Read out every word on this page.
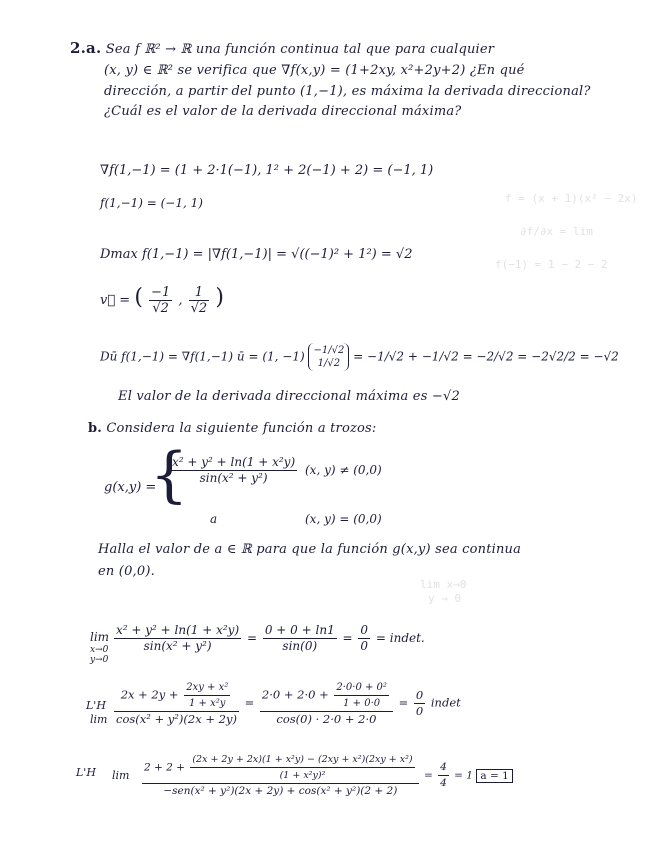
f = (x + 1)(x² − 2x)
∂f/∂x = lim
f(−1) = 1 − 2 − 2
lim x→0
y → 0
2.a. Sea f ℝ² → ℝ una función continua tal que para cualquier
(x, y) ∈ ℝ² se verifica que ∇f(x,y) = (1+2xy, x²+2y+2) ¿En qué
dirección, a partir del punto (1,−1), es máxima la derivada direccional?
¿Cuál es el valor de la derivada direccional máxima?
∇f(1,−1) = (1 + 2·1(−1), 1² + 2(−1) + 2) = (−1, 1)
f(1,−1) = (−1, 1)
Dmax f(1,−1) = |∇f(1,−1)| = √((−1)² + 1²) = √2
v⃗ = ( $\frac{-1}{√2}$ , $\frac{1}{√2}$ )
Dū f(1,−1) = ∇f(1,−1) ū = (1, −1) −1/√2
1/√2	= −1/√2 + −1/√2 = −2/√2 = −2√2/2 = −√2
El valor de la derivada direccional máxima es −√2
b. Considera la siguiente función a trozos:
g(x,y) =
{
$\frac{\text{x² + y² + ln(1 + x²y)}}{\text{sin(x² + y²)}} (x$, y) ≠ (0,0)
a	(x, y) = (0,0)
Halla el valor de a ∈ ℝ para que la función g(x,y) sea continua
en (0,0).
lim
x→0 y→0
$\frac{\text{x² + y² + ln(1 + x²y)}}{\text{sin(x² + y²)}} = \frac{0 + 0 + \ln 1}{\sin(0)} = \frac{0}{0} = indet$.
L'H
$\lim \frac{2x + 2y + \frac{\text{2xy + x²}}{\text{1 + x²y}}}{\text{cos(x² + y²)(2x + 2y)}} = \frac{2\cdot 0 + 2\cdot 0 + \frac{\text{2·0·0 + 0²}}{1 + 0\cdot 0}}{\cos(0) \cdot 2\cdot 0 + 2\cdot 0} = \frac{0}{0}$ indet
L'H lim
$2 + 2 + \frac{\text{(2x + 2y + 2x)(1 + x²y) − (2xy + x²)(2xy + x²)}}{\text{(1 + x²y)²}}$
−sen(x² + y²)(2x + 2y) + cos(x² + y²)(2 + 2)
= $\frac{4}{4} = 1$ a = 1
